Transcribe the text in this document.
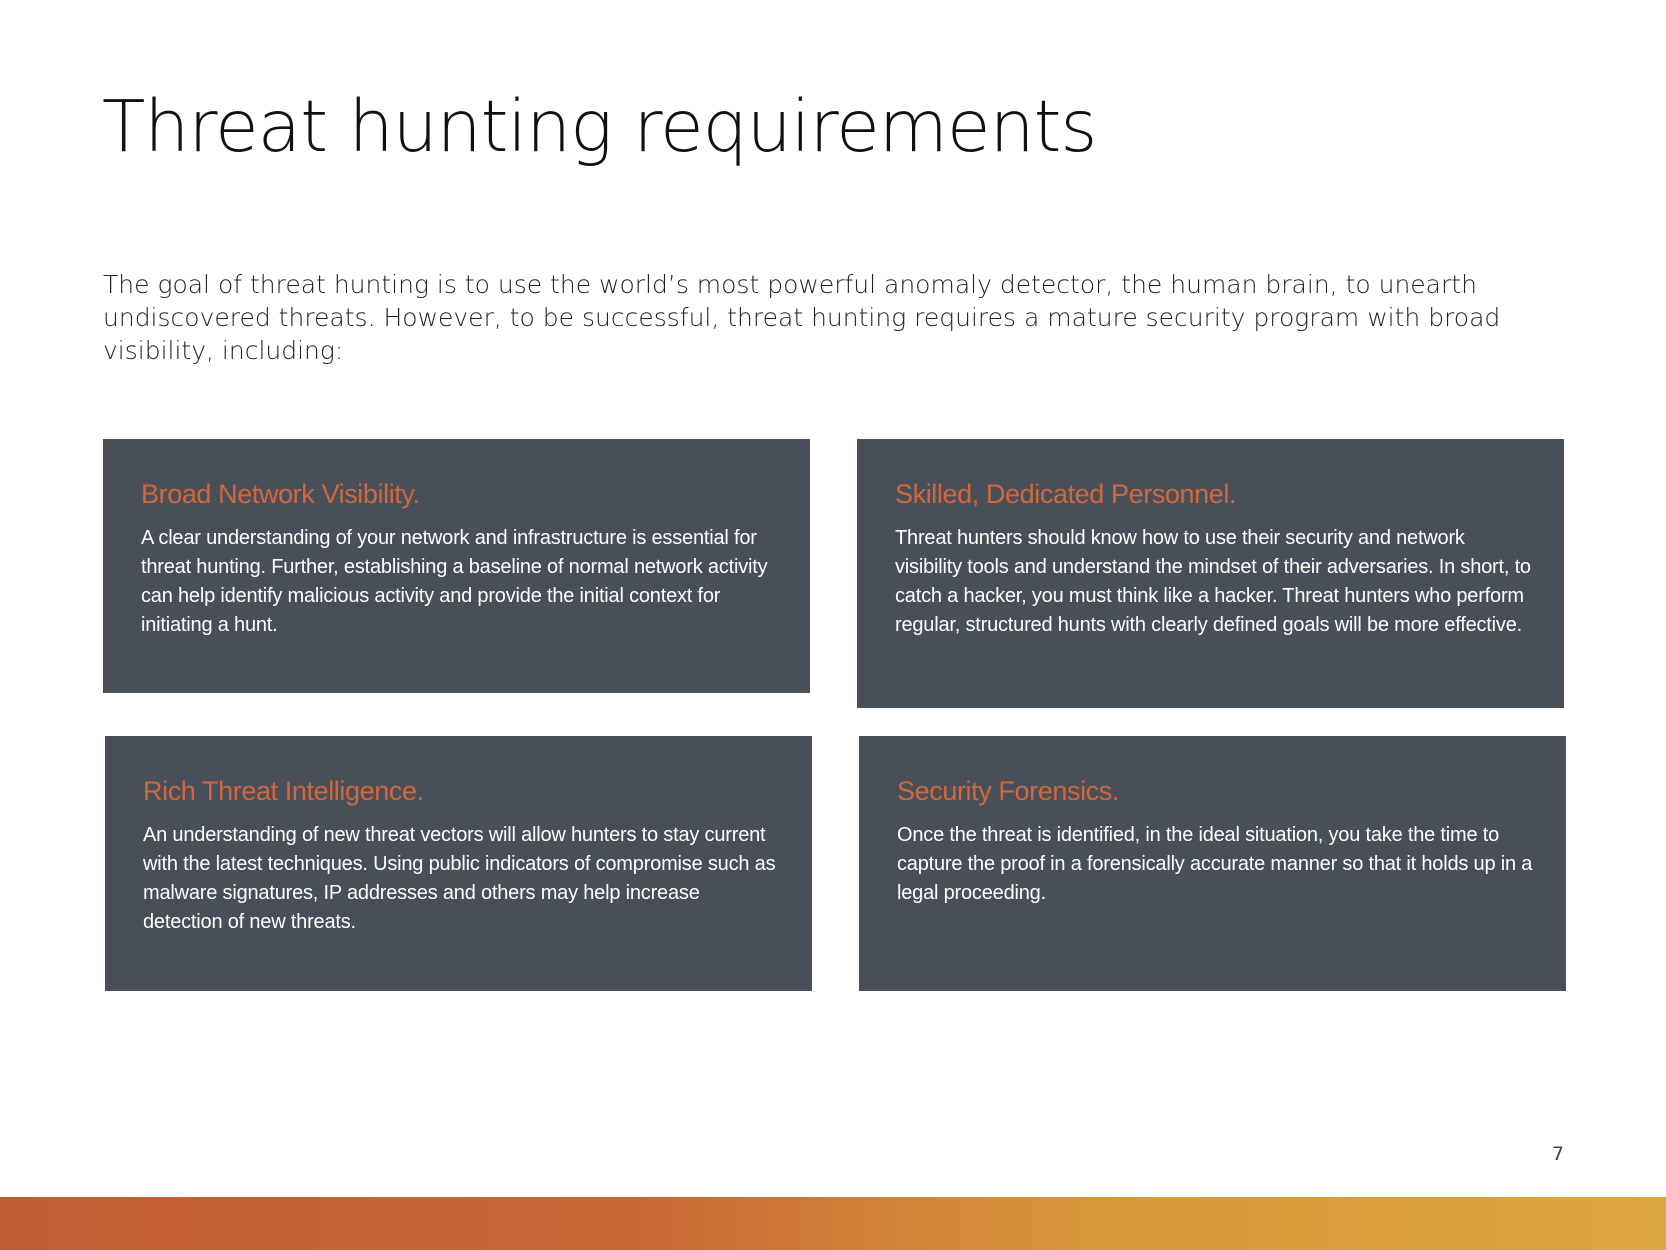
Threat hunting requirements

The goal of threat hunting is to use the world’s most powerful anomaly detector, the human brain, to unearth undiscovered threats. However, to be successful, threat hunting requires a mature security program with broad visibility, including:

Broad Network Visibility.

A clear understanding of your network and infrastructure is essential for threat hunting. Further, establishing a baseline of normal network activity can help identify malicious activity and provide the initial context for initiating a hunt.

Skilled, Dedicated Personnel.

Threat hunters should know how to use their security and network visibility tools and understand the mindset of their adversaries. In short, to catch a hacker, you must think like a hacker. Threat hunters who perform regular, structured hunts with clearly defined goals will be more effective.

Rich Threat Intelligence.

An understanding of new threat vectors will allow hunters to stay current with the latest techniques. Using public indicators of compromise such as malware signatures, IP addresses and others may help increase detection of new threats.

Security Forensics.

Once the threat is identified, in the ideal situation, you take the time to capture the proof in a forensically accurate manner so that it holds up in a legal proceeding.

7
